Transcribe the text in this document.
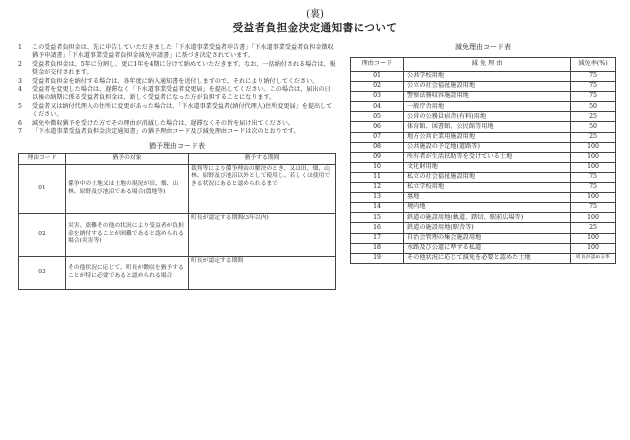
(裏)
受益者負担金決定通知書について
1	この受益者負担金は、先に申告していただきました「下水道事業受益者申告書」「下水道事業受益者負担金徴収猶予申請書」「下水道事業受益者負担金減免申請書」に基づき決定されています。
2	受益者負担金は、5年に分割し、更に1年を4期に分けて納めていただきます。なお、一括納付される場合は、報奨金が交付されます。
3	受益者負担金を納付する場合は、各年度に納入通知書を送付しますので、それにより納付してください。
4	受益者を変更した場合は、遅滞なく「下水道事業受益者変更届」を提出してください。この場合は、届出の日以後の納期に係る受益者負担金は、新しく受益者になった方が負担することになります。
5	受益者又は納付代理人の住所に変更があった場合は、「下水道事業受益者(納付代理人)住所変更届」を提出してください。
6	減免や徴収猶予を受けた方でその理由が消滅した場合は、遅滞なくその旨を届け出てください。
7	「下水道事業受益者負担金決定通知書」の猶予理由コード及び減免理由コードは次のとおりです。
猶予理由コード表
理由コード	猶予の対象	猶予する期間
01	係争中の土地又は土地の現況が田、畑、山林、原野及び池沼である場合(農地等)	裁判等により係争理由の解決のとき、又は田、畑、山林、原野及び池沼以外として使用し、若しくは使用できる状況にあると認められるまで
02	災害、盗難その他の状況により受益者が負担金を納付することが困難であると認められる場合(災害等)	町長が認定する期間(3年以内)
03	その他状況に応じて、町長が徴収を猶予することが特に必要であると認められる場合	町長が認定する期間
減免理由コード表
理由コード	減 免 理 由	減免率(%)
01	公共学校用地	75
02	公立の社会福祉施設用地	75
03	警察法務収容施設用地	75
04	一般庁舎用地	50
05	公営の公務員宿舎(有料)用地	25
06	体育館、図書館、公民館等用地	50
07	地方公営企業用施設用地	25
08	公共施設の予定地(道路等)	100
09	所有者が生活扶助等を受けている土地	100
10	文化財用地	100
11	私立の社会福祉施設用地	75
12	私立学校用地	75
13	墓地	100
14	境内地	75
15	鉄道の施設用地(軌道、踏切、駅前広場等)	100
16	鉄道の施設用地(駅舎等)	25
17	自治会管理の集会施設用地	100
18	水路及び公道に準ずる私道	100
19	その他状況に応じて減免を必要と認めた土地	町長が認める率
